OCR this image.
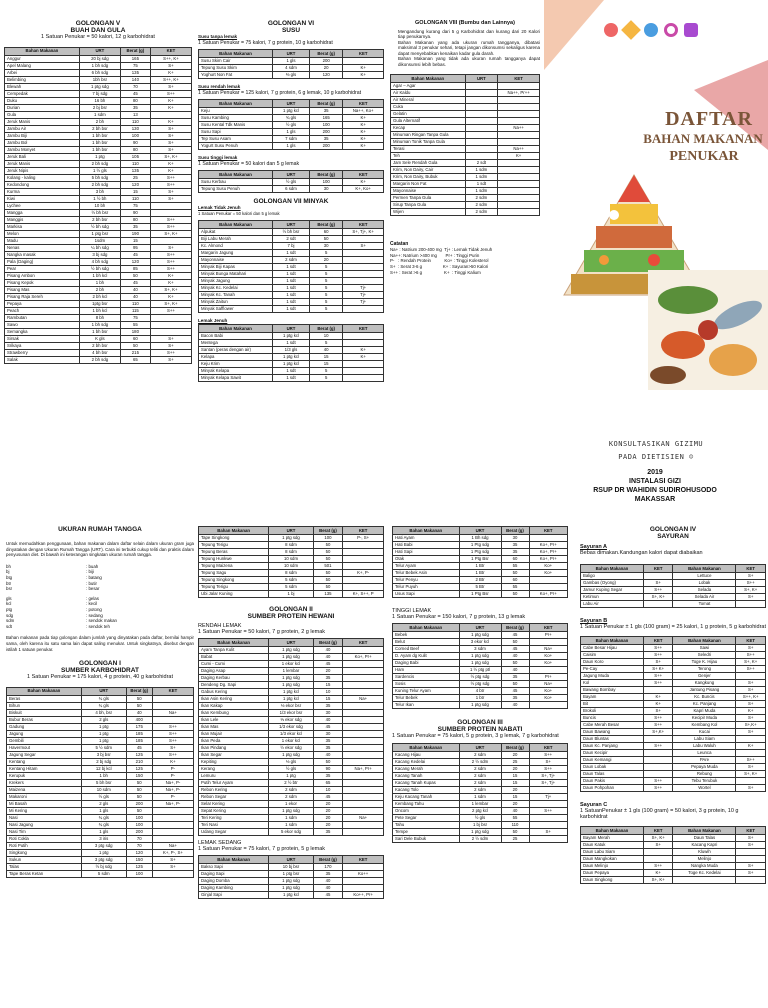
GOLONGAN V
BUAH DAN GULA
1 Satuan Penukar = 50 kalori, 12 g karbohidrat
Bahan Makanan	URT	Berat (g)	KET
Anggur	20 bj sdg	165	S++, K+
Apel Malang	1 bh sdg	75	S+
Arbei	6 bh sdg	135	K+
Belimbing	1bh bsr	140	S++, K+
Blewah	1 ptg sdg	70	S+
Cempedak	7 bj sdg	45	S++
Duku	16 bh	80	K+
Durian	2 bj bsr	35	K+
Gula	1 sdm	13	
Jeruk Manis	2 bh	110	K+
Jambu Air	2 bh bsr	130	S+
Jambu Biji	1 bh bsr	100	S+
Jambu Bol	1 bh bsr	90	S+
Jambu Monyet	1 bh bsr	80	S+
Jeruk Bali	1 ptg	105	S+, K+
Jeruk Manis	2 bh sdg	110	K+
Jeruk Nipis	1 ½ gls	135	K+
Kolang - kaling	5 bh sdg	25	S++
Kedondong	2 bh sdg	120	S++
Kurma	3 bh	15	S+
Kiwi	1 ½ bh	110	S+
Lychee	10 bh	75	
Mangga	½ bh bsr	90	
Manggis	2 bh bsr	80	S++
Markisa	½ bh sdg	35	S++
Melon	1 ptg bsr	190	S+, K+
Madu	1sdm	15	
Nenas	¼ bh sdg	95	S+
Nangka masak	3 bj sdg	45	S++
Pala (Daging)	4 bh sdg	120	S++
Pear	½ bh sdg	85	S++
Pisang Ambon	1 bh kcl	50	K+
Pisang Kepok	1 bh	45	K+
Pisang Mas	2 bh	40	S+, K+
Pisang Raja Sereh	2 bh kcl	40	K+
Pepaya	1ptg bsr	110	S+, K+
Peach	1 bh kcl	115	S++
Rambutan	8 bh	75	
Sawo	1 bh sdg	55	
Semangka	1 bh bsr	180	
Sirsak	K gls	60	S+
Srikaya	2 bh bsr	50	S+
Strawberry	4 bh bsr	215	S++
Salak	2 bh sdg	65	S+
GOLONGAN VI
SUSU
Susu tanpa lemak
1 Satuan Penukar = 75 kalori, 7 g protein, 10 g karbohidrat
Bahan Makanan	URT	Berat (g)	KET
Susu Skim Cair	1 gls	200	
Tepung Susu Skim	4 sdm	20	K+
Yoghurt Non Fat	⅔ gls	120	K+
Susu rendah lemak
1 Satuan Penukar = 125 kalori, 7 g protein, 6 g lemak, 10 g karbohidrat
Bahan Makanan	URT	Berat (g)	KET
Keju	1 ptg kcl	35	Na++, Ko+
Susu Kambing	¾ gls	165	K+
Susu Kental Tdk Manis	½ gls	100	K+
Susu Sapi	1 gls	200	K+
Tep Susu Asam	7 sdm	35	K+
Yogurt Susu Penuh	1 gls	200	K+
Susu tinggi lemak
1 Satuan Penukar = 50 kalori dan 5 g lemak
Bahan Makanan	URT	Berat (g)	KET
Susu Kerbau	½ gls	100	K+
Tepung Susu Penuh	6 sdm	30	K+, Ko+
GOLONGAN VII MINYAK
Lemak Tidak Jenuh
1 Satuan Penukar = 50 kalori dan 5 g lemak
Bahan Makanan	URT	Berat (g)	KET
Alpukat	½ bh bsr	60	S+, Tj+, K+
Biji Labu Merah	2 sdt	50	
Kc. Almond	7 bj	30	S+
Margarin Jagung	1 sdt	5	
Mayonnaise	2 sdm	20	
Minyak Biji Kapas	1 sdt	5	
Minyak Bunga Matahari	1 sdt	5	
Minyak Jagung	1 sdt	5	
Minyak Kc. Kedelai	1 sdt	5	Tj+
Minyak Kc. Tanah	1 sdt	5	Tj+
Minyak Zaitun	1 sdt	5	Tj+
Minyak Safflower	1 sdt	5	
Lemak Jenuh
Bahan Makanan	URT	Berat (g)	KET
Bacon Babi	1 ptg kcl	10	
Mentega	1 sdt	5	
Santan (peras dengan air)	1/3 gls	40	K+
Kelapa	1 ptg kcl	15	K+
Keju Krim	1 ptg kcl	15	
Minyak Kelapa	1 sdt	5	
Minyak Kelapa Sawit	1 sdt	5	
GOLONGAN VIII (Bumbu dan Lainnya)
• Mengandung kurang dari 5 g Karbohidrat dan kurang dari 20 Kalori tiap penukarnya.
• Bahan Makanan yang ada ukuran rumah tangganya, dibatasi maksimal 3 penukar sehari, tetapi jangan dikonsumsi sekaligus karena dapat menyebabkan kenaikan kadar gula darah.
• Bahan Makanan yang tidak ada ukuran rumah tangganya dapat dikonsumsi lebih bebas.
Bahan Makanan	URT	KET
Agar – Agar		
Air Kaldu		Na++, Pr++
Air Mineral		
Cuka		
Gelatin		
Gula Alternatif		
Kecap		Na++
Minuman Ringan Tanpa Gula		
Minuman Tonik Tanpa Gula		
Terasi		Na++
Teh		K+
Jam Sele Rendah Gula	2 sdt	
Krim, Non Dairy, Cair	1 sdm	
Krim, Non Dairy, Bubuk	1 sdm	
Margarin Non Fat	1 sdt	
Mayonnaise	1 sdm	
Permen Tanpa Gula	2 sdm	
Sirup Tanpa Gula	2 sdm	
Wijen	2 sdm	

Catatan

Na+ : Natrium 200-400 mg  Tj+ : Lemak Tidak Jenuh

Na++: Natrium >400 mg       Pr+ : Tinggi Purin

P-   : Rendah Protein           Ko+ : Tinggi Kolesterol

S+  : Serat 3-6 g                 K+ : Sayuran>50 Kalori

S++ : Serat >6 g                  K+  : Tinggi Kalium

DAFTAR
BAHAN MAKANAN
PENUKAR
KONSULTASIKAN GIZIMU
PADA DIETISIEN ☺
2019
INSTALASI GIZI
RSUP DR WAHIDIN SUDIROHUSODO
MAKASSAR
UKURAN RUMAH TANGGA

Untuk memudahkan penggunaan, bahan makanan dalam daftar selain dalam ukuran gram juga dinyatakan dengan Ukuran Rumah Tangga (URT). Cara ini terbukti cukup teliti dan praktis dalam penyusunan diet. Di bawah ini keterangan singkatan ukuran rumah tangga.

bh	: buah
bj	: biji
btg	: batang
btr	: butir
bsr	: besar
gls	: gelas
kcl	: kecil
ptg	: potong
sdg	: sedang
sdm	: sendok makan
sdt	: sendok teh

Bahan makanan pada tiap golongan dalam jumlah yang dinyatakan pada daftar, bernilai hampir sama, oleh karena itu satu sama lain dapat saling menukar. Untuk singkatnya, disebut dengan istilah 1 satuan penukar.

GOLONGAN I
SUMBER KARBOHIDRAT
1 Satuan Penukar = 175 kalori, 4 g protein, 40 g karbohidrat
Bahan Makanan	URT	Berat (g)	KET
Beras	¾ gls	50	
Bihun	¾ gls	50	
Biskuit	4 bh, bsr	40	Na+
Bubur Beras	2 gls	400	
Gadung	1 ptg	175	S++
Jagung	1 ptg	185	S++
Gembili	1 ptg	185	S++
Havermout	5 ½ sdm	45	S+
Jagung Segar	3 bj bsr	125	S++
Kentang	2 bj sdg	210	K+
Kentang Hitam	12 bj kcl	125	P-
Kerupuk	1 bh	150	P-
Krekers	5 bh bsr	50	Na+, P-
Maizena	10 sdm	50	Na+, P-
Makaroni	½ gls	50	P-
Mi Basah	2 gls	200	Na+, P-
Mi Kering	1 gls	50	
Nasi	¾ gls	100	
Nasi Jagung	¾ gls	100	
Nasi Tim	1 gls	200	
Roti Cokla	3 iris	70	
Roti Putih	3 ptg sdg	70	Na+
Singkong	1 ptg	120	K+, P-, S+
Sukun	3 ptg sdg	150	S+
Talas	½ bj sdg	125	S+
Tape Beras Ketan	5 sdm	100	
Bahan Makanan	URT	Berat (g)	KET
Tape Singkong	1 ptg sdg	100	P-, S+
Tepung Terigu	8 sdm	50	
Tepung Beras	8 sdm	50	
Tepung Hunkwe	10 sdm	50	
Tepung Maizena	10 sdm	501	
Tepung Sagu	8 sdm	50	K+, P-
Tepung Singkong	5 sdm	50	
Tepung Terigu	5 sdm	50	
Ubi Jalar Kuning	1 bj	135	K+, S++, P
GOLONGAN II
SUMBER PROTEIN HEWANI
RENDAH LEMAK
1 Satuan Penukar = 50 kalori, 7 g protein, 2 g lemak
Bahan Makanan	URT	Berat (g)	KET
Ayam Tanpa Kulit	1 ptg sdg	40	
Babat	1 ptg sdg	40	Ko+, Pr+
Cumi - Cumi	1 ekor kcl	45	
Daging Asap	1 lembar	20	
Daging Kerbau	1 ptg sdg	35	
Dendeng Dg. Sapi	1 ptg sdg	15	
Gabus Kering	1 ptg kcl	10	
Ikan Asin Kering	1 ptg kcl	15	Na+
Ikan Kakap	⅓ ekor bsr	35	
Ikan Kembung	1/3 ekor bsr	30	
Ikan Lele	⅓ ekor sdg	40	
Ikan Mas	1/3 ekor sdg	45	
Ikan Mujair	1/3 ekor kcl	30	
Ikan Peda	1 ekor kcl	35	
Ikan Pindang	½ ekor sdg	35	
Ikan Segar	1 ptg sdg	40	
Kepiting	⅓ gls	50	
Kerang	½ gls	90	Na+, Pr+
Lemuru	1 ptg	35	
Putih Telur Ayam	2 ½ btr	65	
Rebon Kering	2 sdm	10	
Rebon Segar	2 sdm	45	
Selar Kering	1 ekor	20	
Sepat Kering	1 ptg sdg	20	
Teri Kering	1 sdm	20	Na+
Teri Nasi	1 sdm	20	
Udang Segar	5 ekor sdg	35	
LEMAK SEDANG
1 Satuan Penukar = 75 kalori, 7 g protein, 5 g lemak
Bahan Makanan	URT	Berat (g)	KET
Bakso Sapi	10 bj bsr	170	
Daging Sapi	1 ptg bsr	35	Ko++
Daging Domba	1 ptg sdg	40	
Daging Kambing	1 ptg sdg	40	
Ginjal Sapi	1 ptg kcl	45	Ko++, Pr+
Bahan Makanan	URT	Berat (g)	KET
Hati Ayam	1 Bh sdg	30	
Hati Babi	1 Ptg sdg	35	Ko+, Pr+
Hati Sapi	1 Ptg sdg	35	Ko+, Pr+
Otak	1 Ptg Bsr	60	Ko+, Pr+
Telur Ayam	1 Btr	55	Ko+
Telur Bebek Asin	1 Btr	50	Ko+
Telur Penyu	2 Btr	60	
Telur Puyuh	5 Btr	55	
Usus Sapi	1 Ptg Bsr	50	Ko+, Pr+
TINGGI LEMAK
1 Satuan Penukar = 150 kalori, 7 g protein, 13 g lemak
Bahan Makanan	URT	Berat (g)	KET
Bebek	1 ptg sdg	45	Pr+
Belut	3 ekor kcl	50	
Corned Beef	3 sdm	45	Na+
D. Ayam dg Kulit	1 ptg sdg	40	Ko+
Daging Babi	1 ptg sdg	50	Ko+
Ham	1 ½ ptg ptl	40	
Sardencis	½ ptg sdg	35	Pr+
Sosis	½ ptg sdg	50	Na+
Kuning Telur Ayam	4 btr	45	Ko+
Telur Bebek	1 btr	35	Ko+
Telur Ikan	1 ptg sdg	40	
GOLONGAN III
SUMBER PROTEIN NABATI
1 Satuan Penukar = 75 kalori, 5 g protein, 3 g lemak, 7 g karbohidrat
Bahan Makanan	URT	Berat (g)	KET
Kacang Hijau	2 sdm	20	S++
Kacang Kedelai	2 ½ sdm	25	S+
Kacang Merah	2 sdm	20	S++
Kacang Tanah	2 sdm	15	S+, Tj+
Kacang Tanah Kupas	2 sdm	15	S+, Tj+
Kacang Tolo	2 sdm	20	
Keju Kacang Tanah	1 sdm	15	Tj+
Kembang Tahu	1 lembar	20	
Oncom	2 ptg kcl	40	S++
Pete Segar	½ gls	55	
Tahu	1 bj bsr	110	
Tempe	1 ptg sdg	50	S+
Sari Dele Bubuk	2 ½ sdm	25	
GOLONGAN IV
SAYURAN
Sayuran A
Bebas dimakan.Kandungan kalori dapat diabaikan
Bahan Makanan	KET	Bahan Makanan	KET
Baligo		Lettuce	S+
Gambas (Oyong)	S+	Lobak	S++
Jamur Kuping Segar	S++	Selada	S+, K+
Ketimun	S+, K+	Selada Air	S+
Labu Air		Tomat	
Sayuran B
1 Satuan Penukar ± 1 gls (100 gram) = 25 kalori, 1 g protein, 5 g karbohidrat
Bahan Makanan	KET	Bahan Makanan	KET
Cabe Besar Hijau	S++	Sawi	S+
Caisim	S++	Seledri	S++
Daun Koro	S+	Toge K. Hijau	S+, K+
Pe-Cay	S+ K+	Terong	S++
Jagung Muda	S++	Genjer	
Kol	S++	Kangkung	S+
Bawang Bombay		Jantung Pisang	S+
Bayam	K+	Kc. Buncis	S++, K+
Bit	K+	Kc. Panjang	S+
Brokoli	S+	Kapri Muda	K+
Buncis	S++	Kecipir Muda	S+
Cabe Merah Besar	S++	Kembang Kol	S+,K+
Daun Bawang	S+,K+	Kucai	S+
Daun Bluntas		Labu Siam	
Daun Kc. Panjang	S++	Labu Waluh	K+
Daun Kecipir		Leunca	
Daun Kemangi		PAre	S++
Daun Lobak		Pepaya Muda	S+
Daun Talas		Rebung	S+, K+
Daun Pakis	S++	Tebu Terubuk	
Daun Pohpohan	S++	Wortel	S+
Sayuran C
1 SatuanPenukar ± 1 gls (100 gram) = 50 kalori, 3 g protein, 10 g karbohidrat
Bahan Makanan	KET	Bahan Makanan	KET
Bayam Merah	S+, K+	Daun Talas	S+
Daun Katuk	S+	Kacang Kapri	S+
Daun Labu Siam		Kluwih	
Daun Mangkokan		Melinjo	
Daun Melinjo	S++	Nangka Muda	S+
Daun Pepaya	K+	Toge Kc. Kedelai	S+
Daun Singkong	S+, K+		
